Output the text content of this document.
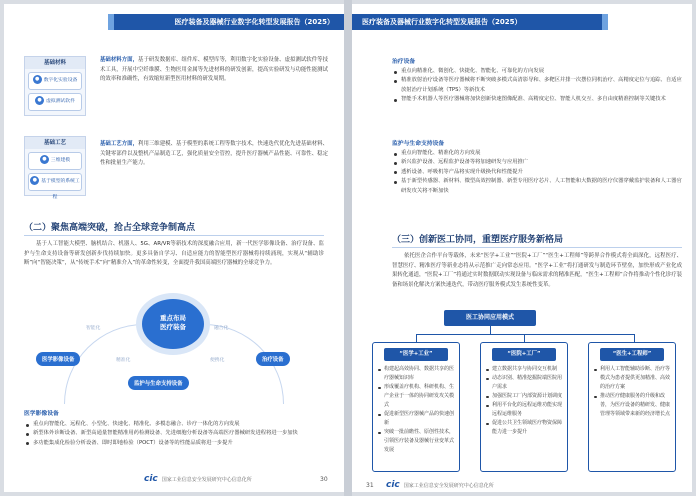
医疗装备及器械行业数字化转型发展报告（2025）
基础材料
● 数字化实验设备
● 虚拟测试软件
基础材料方面，基于研发数据库、组件库、模型库等，利用数字化实验设备、虚拟测试软件等技术工具，开展中空纤维膜、生物医用金属等先进材料的研发创新，提高实验研发与功能性能测试的效率和准确性，有效缩短新型医用材料的研发周期。
基础工艺
● 三维建模
● 基于模型的系统工程
基础工艺方面，利用三维建模、基于模型的系统工程等数字技术，快速迭代优化先进基础材料、关键零部件以及整机产品制造工艺，强化质量安全管控，提升医疗器械产品性能、可靠性、稳定性和批量生产能力。
（二）聚焦高端突破，抢占全球竞争制高点
基于人工智能大模型、脑机结合、机器人、5G、AR/VR等新技术的深度融合应用，新一代医学影像设备、治疗设备、监护与生命支持设备等研发创新步伐持续加快。更多具备自学习、自适应能力的智能型医疗器械将持续涌现，实现从“辅助诊断”向“智能决策”，从“传统手术”向“精准介入”的革命性转变，全面提升我国高端医疗器械的全球竞争力。
重点布局
医疗装备
医学影像设备
监护与生命支持设备
治疗设备
智能化
精准化
融合化
便携化
医学影像设备
重点向智能化、远程化、小型化、快速化、精准化、多模态融合、诊疗一体化的方向发展
新型体外诊断设备、新型高通量智能精准用药检测设备、先进细胞分析设备等高端医疗器械研发进程将进一步加快
多功能集成化检验分析设备、即时即地检验（POCT）设备等的性能品质将进一步提升
cic 国家工业信息安全发展研究中心信息化所	30
医疗装备及器械行业数字化转型发展报告（2025）
治疗设备
重点向精准化、微创化、快捷化、智能化、可靠化的方向发展
精准放射治疗设备等医疗器械将不断突破多模式高清影导和、多靶区并排一次摆位同机治疗、高精度定位与追踪、自适应放射治疗计划系统（TPS）等新技术
智能手术机器人等医疗器械将加快创新快速图像配准、高精度定位、智能人机交互、多自由度精准控制等关键技术
监护与生命支持设备
重点向智能化、精准化的方向发展
新兴监护设备、远程监护设备等将加速研发与应用推广
透析设备、呼吸机等产品将实现升级换代和性能提升
基于新型传感器、新材料、微型高效控制器、新型专用医疗芯片、人工智能和大数据的医疗仪器穿戴监护装备和人工器官研发攻关将不断加快
（三）创新医工协同，重塑医疗服务新格局
依托医企合作平台等载体，未来“医学+工业”“医院+工厂”“医生+工程师”等跨界合作模式将全面深化，远程医疗、智慧医疗、精准医疗等新业态将从示范推广走向常态应用。“医学+工业”将打通研发与制造环节壁垒，加快形成产业化成果转化通道，“医院+工厂”将通过实时数据联动实现设备与临床需求的精准匹配，“医生+工程师”合作将推动个性化诊疗装备和场景化解决方案快速迭代，带动医疗服务模式发生系统性变革。
医工协同应用模式
“医学+工业”
构建起高效协同、数据共享的医疗器械知识库
形成覆盖疗机构、科研机构、生产企业于一体的协同研发攻关模式
促进新型医疗器械产品的快速创新
突破一批前瞻性、原创性技术，引领医疗装备及器械行业变革式发展
“医院+工厂”
建立数据共享与协同交互机制
动态识别、精准挖掘院端医院用户需求
加强医院工厂内部资源计划调度
利用平台化的远程运维功能实现远程运维服务
促进公共卫生领域医疗物资保障能力进一步提升
“医生+工程师”
利用人工智能辅助诊断、治疗等模式为患者提供更加精准、高效的治疗方案
推动医疗健康服务的升级和改善，为医疗设备的精研发、健康管理等领域带来新的经济增长点
31 cic 国家工业信息安全发展研究中心信息化所
